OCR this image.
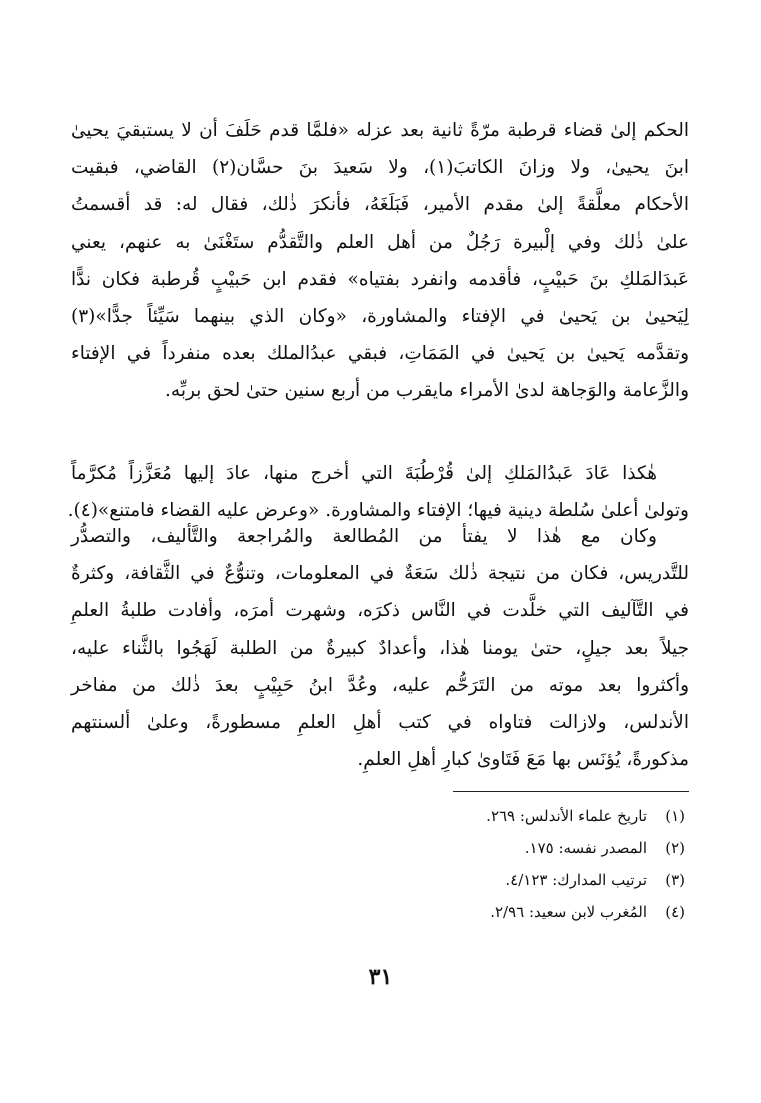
الحكم إلىٰ قضاء قرطبة مرّةً ثانية بعد عزله «فلمَّا قدم حَلَفَ أن لا يستبقيَ يحيىٰ
ابنَ يحيىٰ، ولا وزانَ الكاتبَ(١)، ولا سَعيدَ بنَ حسَّان(٢) القاضي، فبقيت
الأحكام معلَّقةً إلىٰ مقدم الأمير، فَبَلَغَهُ، فأنكرَ ذٰلك، فقال له: قد أقسمتُ
علىٰ ذٰلك وفي إلْبيرة رَجُلٌ من أهل العلم والتَّقدُّم ستَغْنَىٰ به عنهم، يعني
عَبدَالمَلكِ بنَ حَبيْبٍ، فأقدمه وانفرد بفتياه» فقدم ابن حَبيْبٍ قُرطبة فكان ندًّا
لِيَحيىٰ بن يَحيىٰ في الإفتاء والمشاورة، «وكان الذي بينهما سَيِّئاً جدًّا»(٣)
وتقدَّمه يَحيىٰ بن يَحيىٰ في المَمَاتِ، فبقي عبدُالملك بعده منفرداً في الإفتاء
والزَّعامة والوَجاهة لدىٰ الأمراء مايقرب من أربع سنين حتىٰ لحق بربِّه.
هٰكذا عَادَ عَبدُالمَلكِ إلىٰ قُرْطُبَةَ التي أخرج منها، عادَ إليها مُعَزَّزاً مُكرَّماً
وتولىٰ أعلىٰ سُلطة دينية فيها؛ الإفتاء والمشاورة. «وعرض عليه القضاء فامتنع»(٤).
وكان مع هٰذا لا يفتأ من المُطالعة والمُراجعة والتَّأليف، والتصدُّر
للتَّدريس، فكان من نتيجة ذٰلك سَعَةٌ في المعلومات، وتنوُّعٌ في الثَّقافة، وكثرةٌ
في التَّآليف التي خلَّدت في النَّاس ذكرَه، وشهرت أمرَه، وأفادت طلبةُ العلمِ
جيلاً بعد جيلٍ، حتىٰ يومنا هٰذا، وأعدادٌ كبيرةٌ من الطلبة لَهَجُوا بالثَّناء عليه،
وأكثروا بعد موته من التَرَحُّم عليه، وعُدَّ ابنُ حَبِيْبٍ بعدَ ذٰلك من مفاخر
الأندلس، ولازالت فتاواه في كتب أهلِ العلمِ مسطورةً، وعلىٰ ألسنتهم
مذكورةً، يُؤنَس بها مَعَ فَتَاوىٰ كبارِ أهلِ العلمِ.
(١)تاريخ علماء الأندلس: ٢٦٩.
(٢)المصدر نفسه: ١٧٥.
(٣)ترتيب المدارك: ٤/١٢٣.
(٤)المُغرب لابن سعيد: ٢/٩٦.
٣١
